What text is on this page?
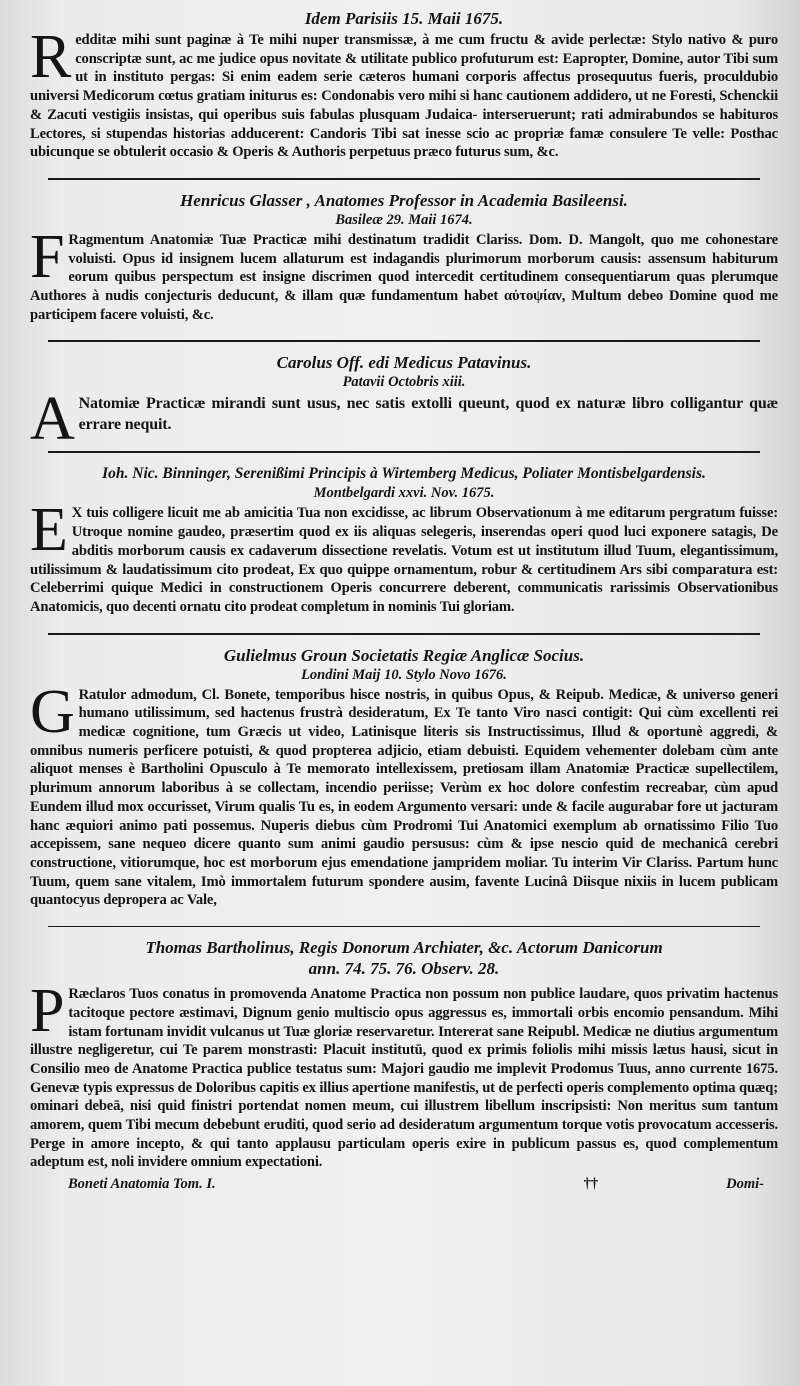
Idem Parisiis 15. Maii 1675.

Redditæ mihi sunt paginæ à Te mihi nuper transmissæ, à me cum fructu & avide perlectæ: Stylo nativo & puro conscriptæ sunt, ac me judice opus novitate & utilitate publico profuturum est: Eapropter, Domine, autor Tibi sum ut in instituto pergas: Si enim eadem serie cæteros humani corporis affectus prosequutus fueris, proculdubio universi Medicorum cœtus gratiam initurus es: Condonabis vero mihi si hanc cautionem addidero, ut ne Foresti, Schenckii & Zacuti vestigiis insistas, qui operibus suis fabulas plusquam Judaica- interseruerunt; rati admirabundos se habituros Lectores, si stupendas historias adducerent: Candoris Tibi sat inesse scio ac propriæ famæ consulere Te velle: Posthac ubicunque se obtulerit occasio & Operis & Authoris perpetuus præco futurus sum, &c.

Henricus Glasser , Anatomes Professor in Academia Basileensi.

Basileæ 29. Maii 1674.

F Ragmentum Anatomiæ Tuæ Practicæ mihi destinatum tradidit Clariss. Dom. D. Mangolt, quo me cohonestare voluisti. Opus id insignem lucem allaturum est indagandis plurimorum morborum causis: assensum habiturum eorum quibus perspectum est insigne discrimen quod intercedit certitudinem consequentiarum quas plerumque Authores à nudis conjecturis deducunt, & illam quæ fundamentum habet αὐτοψίαν, Multum debeo Domine quod me participem facere voluisti, &c.

Carolus Off. edi Medicus Patavinus.

Patavii Octobris xiii.

A Natomiæ Practicæ mirandi sunt usus, nec satis extolli queunt, quod ex naturæ libro colligantur quæ errare nequit.

Ioh. Nic. Binninger, Serenißimi Principis à Wirtemberg Medicus, Poliater Montisbelgardensis.

Montbelgardi xxvi. Nov. 1675.

E X tuis colligere licuit me ab amicitia Tua non excidisse, ac librum Observationum à me editarum pergratum fuisse: Utroque nomine gaudeo, præsertim quod ex iis aliquas selegeris, inserendas operi quod luci exponere satagis, De abditis morborum causis ex cadaverum dissectione revelatis. Votum est ut institutum illud Tuum, elegantissimum, utilissimum & laudatissimum cito prodeat, Ex quo quippe ornamentum, robur & certitudinem Ars sibi comparatura est: Celeberrimi quique Medici in constructionem Operis concurrere deberent, communicatis rarissimis Observationibus Anatomicis, quo decenti ornatu cito prodeat completum in nominis Tui gloriam.

Gulielmus Groun Societatis Regiæ Anglicæ Socius.

Londini Maij 10. Stylo Novo 1676.

G Ratulor admodum, Cl. Bonete, temporibus hisce nostris, in quibus Opus, & Reipub. Medicæ, & universo generi humano utilissimum, sed hactenus frustrà desideratum, Ex Te tanto Viro nasci contigit: Qui cùm excellenti rei medicæ cognitione, tum Græcis ut video, Latinisque literis sis Instructissimus, Illud & oportunè aggredi, & omnibus numeris perficere potuisti, & quod propterea adjicio, etiam debuisti. Equidem vehementer dolebam cùm ante aliquot menses è Bartholini Opusculo à Te memorato intellexissem, pretiosam illam Anatomiæ Practicæ supellectilem, plurimum annorum laboribus à se collectam, incendio periisse; Verùm ex hoc dolore confestim recreabar, cùm apud Eundem illud mox occurisset, Virum qualis Tu es, in eodem Argumento versari: unde & facile augurabar fore ut jacturam hanc æquiori animo pati possemus. Nuperis diebus cùm Prodromi Tui Anatomici exemplum ab ornatissimo Filio Tuo accepissem, sane nequeo dicere quanto sum animi gaudio persusus: cùm & ipse nescio quid de mechanicâ cerebri constructione, vitiorumque, hoc est morborum ejus emendatione jampridem moliar. Tu interim Vir Clariss. Partum hunc Tuum, quem sane vitalem, Imò immortalem futurum spondere ausim, favente Lucinâ Diisque nixiis in lucem publicam quantocyus depropera ac Vale,

Thomas Bartholinus, Regis Donorum Archiater, &c. Actorum Danicorum

ann. 74. 75. 76. Observ. 28.

P Ræclaros Tuos conatus in promovenda Anatome Practica non possum non publice laudare, quos privatim hactenus tacitoque pectore æstimavi, Dignum genio multiscio opus aggressus es, immortali orbis encomio pensandum. Mihi istam fortunam invidit vulcanus ut Tuæ gloriæ reservaretur. Intererat sane Reipubl. Medicæ ne diutius argumentum illustre negligeretur, cui Te parem monstrasti: Placuit institutū, quod ex primis foliolis mihi missis lætus hausi, sicut in Consilio meo de Anatome Practica publice testatus sum: Majori gaudio me implevit Prodomus Tuus, anno currente 1675. Genevæ typis expressus de Doloribus capitis ex illius apertione manifestis, ut de perfecti operis complemento optima quæq; ominari debeā, nisi quid finistri portendat nomen meum, cui illustrem libellum inscripsisti: Non meritus sum tantum amorem, quem Tibi mecum debebunt eruditi, quod serio ad desideratum argumentum torque votis provocatum accesseris. Perge in amore incepto, & qui tanto applausu particulam operis exire in publicum passus es, quod complementum adeptum est, noli invidere omnium expectationi.

Boneti Anatomia Tom. I.	††	Domi-
